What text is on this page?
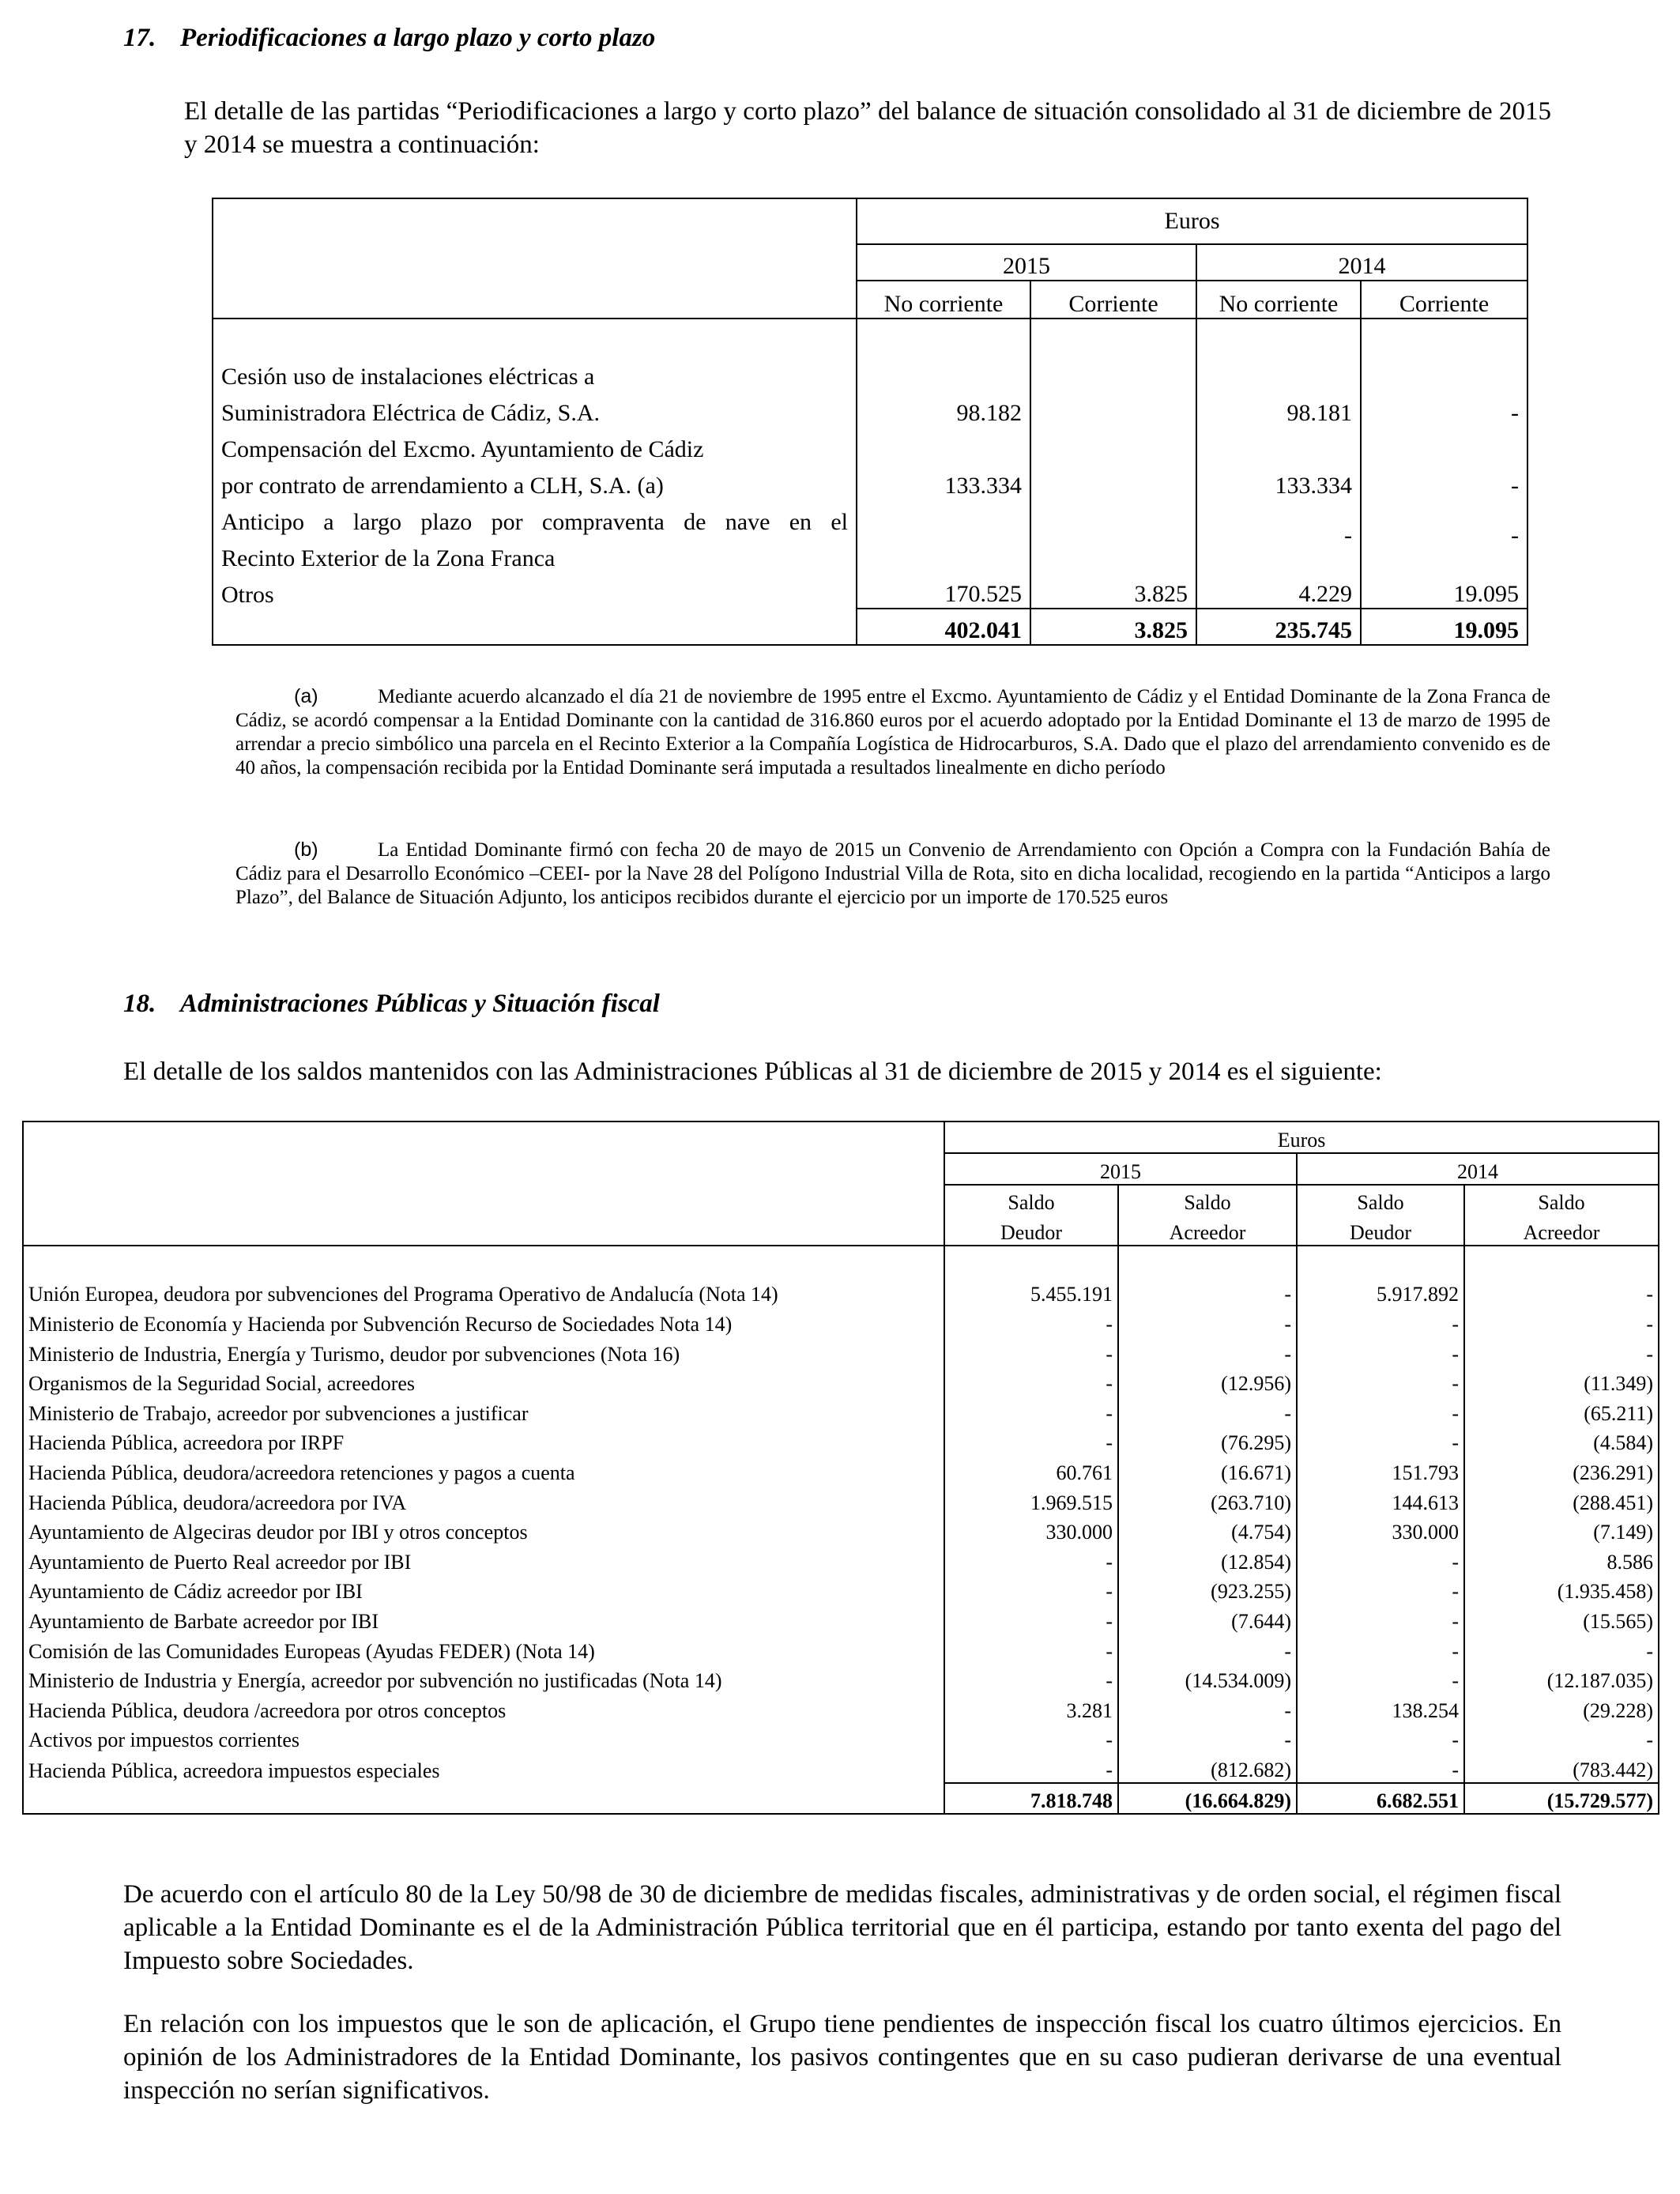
17. Periodificaciones a largo plazo y corto plazo
El detalle de las partidas “Periodificaciones a largo y corto plazo” del balance de situación consolidado al 31 de diciembre de 2015 y 2014 se muestra a continuación:
	Euros			
	2015		2014	
	No corriente	Corriente	No corriente	Corriente

Cesión uso de instalaciones eléctricas a				
Suministradora Eléctrica de Cádiz, S.A.	98.182		98.181	-
Compensación del Excmo. Ayuntamiento de Cádiz				
por contrato de arrendamiento a CLH, S.A. (a)	133.334		133.334	-
Anticipo a largo plazo por compraventa de nave en el			-	-
Recinto Exterior de la Zona Franca				
Otros	170.525	3.825	4.229	19.095
	402.041	3.825	235.745	19.095
(a)	Mediante acuerdo alcanzado el día 21 de noviembre de 1995 entre el Excmo. Ayuntamiento de Cádiz y el Entidad Dominante de la Zona Franca de Cádiz, se acordó compensar a la Entidad Dominante con la cantidad de 316.860 euros por el acuerdo adoptado por la Entidad Dominante el 13 de marzo de 1995 de arrendar a precio simbólico una parcela en el Recinto Exterior a la Compañía Logística de Hidrocarburos, S.A. Dado que el plazo del arrendamiento convenido es de 40 años, la compensación recibida por la Entidad Dominante será imputada a resultados linealmente en dicho período
(b)	La Entidad Dominante firmó con fecha 20 de mayo de 2015 un Convenio de Arrendamiento con Opción a Compra con la Fundación Bahía de Cádiz para el Desarrollo Económico –CEEI- por la Nave 28 del Polígono Industrial Villa de Rota, sito en dicha localidad, recogiendo en la partida “Anticipos a largo Plazo”, del Balance de Situación Adjunto, los anticipos recibidos durante el ejercicio por un importe de 170.525 euros
18. Administraciones Públicas y Situación fiscal
El detalle de los saldos mantenidos con las Administraciones Públicas al 31 de diciembre de 2015 y 2014 es el siguiente:
	Euros			
	2015		2014	
	Saldo	Saldo	Saldo	Saldo
	Deudor	Acreedor	Deudor	Acreedor

Unión Europea, deudora por subvenciones del Programa Operativo de Andalucía (Nota 14)	5.455.191	-	5.917.892	-
Ministerio de Economía y Hacienda por Subvención Recurso de Sociedades Nota 14)	-	-	-	-
Ministerio de Industria, Energía y Turismo, deudor por subvenciones (Nota 16)	-	-	-	-
Organismos de la Seguridad Social, acreedores	-	(12.956)	-	(11.349)
Ministerio de Trabajo, acreedor por subvenciones a justificar	-	-	-	(65.211)
Hacienda Pública, acreedora por IRPF	-	(76.295)	-	(4.584)
Hacienda Pública, deudora/acreedora retenciones y pagos a cuenta	60.761	(16.671)	151.793	(236.291)
Hacienda Pública, deudora/acreedora por IVA	1.969.515	(263.710)	144.613	(288.451)
Ayuntamiento de Algeciras deudor por IBI y otros conceptos	330.000	(4.754)	330.000	(7.149)
Ayuntamiento de Puerto Real acreedor por IBI	-	(12.854)	-	8.586
Ayuntamiento de Cádiz acreedor por IBI	-	(923.255)	-	(1.935.458)
Ayuntamiento de Barbate acreedor por IBI	-	(7.644)	-	(15.565)
Comisión de las Comunidades Europeas (Ayudas FEDER) (Nota 14)	-	-	-	-
Ministerio de Industria y Energía, acreedor por subvención no justificadas (Nota 14)	-	(14.534.009)	-	(12.187.035)
Hacienda Pública, deudora /acreedora por otros conceptos	3.281	-	138.254	(29.228)
Activos por impuestos corrientes	-	-	-	-
Hacienda Pública, acreedora impuestos especiales	-	(812.682)	-	(783.442)
	7.818.748	(16.664.829)	6.682.551	(15.729.577)
De acuerdo con el artículo 80 de la Ley 50/98 de 30 de diciembre de medidas fiscales, administrativas y de orden social, el régimen fiscal aplicable a la Entidad Dominante es el de la Administración Pública territorial que en él participa, estando por tanto exenta del pago del Impuesto sobre Sociedades.
En relación con los impuestos que le son de aplicación, el Grupo tiene pendientes de inspección fiscal los cuatro últimos ejercicios. En opinión de los Administradores de la Entidad Dominante, los pasivos contingentes que en su caso pudieran derivarse de una eventual inspección no serían significativos.
